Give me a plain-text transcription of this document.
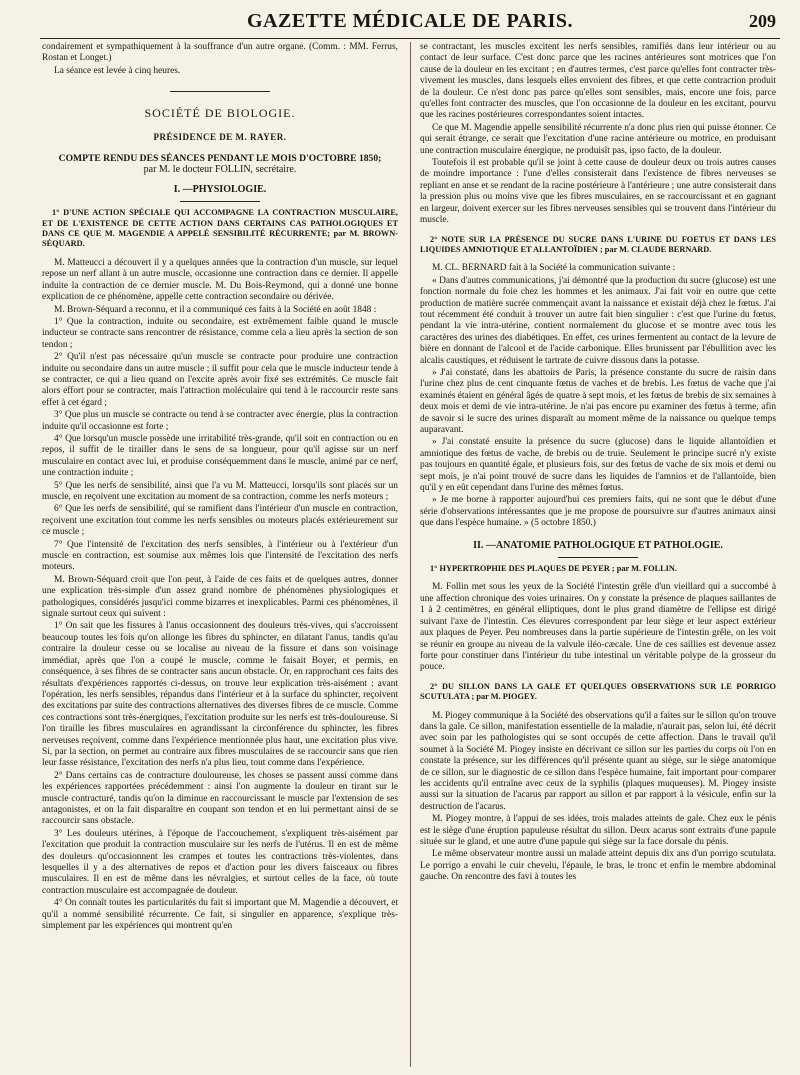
GAZETTE MÉDICALE DE PARIS.	209

condairement et sympathiquement à la souffrance d'un autre organe. (Comm. : MM. Ferrus, Rostan et Longet.)

La séance est levée à cinq heures.

SOCIÉTÉ DE BIOLOGIE.

PRÉSIDENCE DE M. RAYER.

COMPTE RENDU DES SÉANCES PENDANT LE MOIS D'OCTOBRE 1850;

par M. le docteur FOLLIN, secrétaire.

I. —PHYSIOLOGIE.

1° D'UNE ACTION SPÉCIALE QUI ACCOMPAGNE LA CONTRACTION MUSCULAIRE, ET DE L'EXISTENCE DE CETTE ACTION DANS CERTAINS CAS PATHOLOGIQUES ET DANS CE QUE M. MAGENDIE A APPELÉ SENSIBILITÉ RÉCURRENTE; par M. BROWN-SÉQUARD.

M. Matteucci a découvert il y a quelques années que la contraction d'un muscle, sur lequel repose un nerf allant à un autre muscle, occasionne une contraction dans ce dernier. Il appelle induite la contraction de ce dernier muscle. M. Du Bois-Reymond, qui a donné une bonne explication de ce phénomène, appelle cette contraction secondaire ou dérivée.

M. Brown-Séquard a reconnu, et il a communiqué ces faits à la Société en août 1848 :

1° Que la contraction, induite ou secondaire, est extrêmement faible quand le muscle inducteur se contracte sans rencontrer de résistance, comme cela a lieu après la section de son tendon ;

2° Qu'il n'est pas nécessaire qu'un muscle se contracte pour produire une contraction induite ou secondaire dans un autre muscle ; il suffit pour cela que le muscle inducteur tende à se contracter, ce qui a lieu quand on l'excite après avoir fixé ses extrémités. Ce muscle fait alors effort pour se contracter, mais l'attraction moléculaire qui tend à le raccourcir reste sans effet à cet égard ;

3° Que plus un muscle se contracte ou tend à se contracter avec énergie, plus la contraction induite qu'il occasionne est forte ;

4° Que lorsqu'un muscle possède une irritabilité très-grande, qu'il soit en contraction ou en repos, il suffit de le tirailler dans le sens de sa longueur, pour qu'il agisse sur un nerf musculaire en contact avec lui, et produise conséquemment dans le muscle, animé par ce nerf, une contraction induite ;

5° Que les nerfs de sensibilité, ainsi que l'a vu M. Matteucci, lorsqu'ils sont placés sur un muscle, en reçoivent une excitation au moment de sa contraction, comme les nerfs moteurs ;

6° Que les nerfs de sensibilité, qui se ramifient dans l'intérieur d'un muscle en contraction, reçoivent une excitation tout comme les nerfs sensibles ou moteurs placés extérieurement sur ce muscle ;

7° Que l'intensité de l'excitation des nerfs sensibles, à l'intérieur ou à l'extérieur d'un muscle en contraction, est soumise aux mêmes lois que l'intensité de l'excitation des nerfs moteurs.

M. Brown-Séquard croit que l'on peut, à l'aide de ces faits et de quelques autres, donner une explication très-simple d'un assez grand nombre de phénomènes physiologiques et pathologiques, considérés jusqu'ici comme bizarres et inexplicables. Parmi ces phénomènes, il signale surtout ceux qui suivent :

1° On sait que les fissures à l'anus occasionnent des douleurs très-vives, qui s'accroissent beaucoup toutes les fois qu'on allonge les fibres du sphincter, en dilatant l'anus, tandis qu'au contraire la douleur cesse ou se localise au niveau de la fissure et dans son voisinage immédiat, après que l'on a coupé le muscle, comme le faisait Boyer, et permis, en conséquence, à ses fibres de se contracter sans aucun obstacle. Or, en rapprochant ces faits des résultats d'expériences rapportés ci-dessus, on trouve leur explication très-aisément : avant l'opération, les nerfs sensibles, répandus dans l'intérieur et à la surface du sphincter, reçoivent des excitations par suite des contractions alternatives des diverses fibres de ce muscle. Comme ces contractions sont très-énergiques, l'excitation produite sur les nerfs est très-douloureuse. Si l'on tiraille les fibres musculaires en agrandissant la circonférence du sphincter, les fibres nerveuses reçoivent, comme dans l'expérience mentionnée plus haut, une excitation plus vive. Si, par la section, on permet au contraire aux fibres musculaires de se raccourcir sans que rien leur fasse résistance, l'excitation des nerfs n'a plus lieu, tout comme dans l'expérience.

2° Dans certains cas de contracture douloureuse, les choses se passent aussi comme dans les expériences rapportées précédemment : ainsi l'on augmente la douleur en tirant sur le muscle contracturé, tandis qu'on la diminue en raccourcissant le muscle par l'extension de ses antagonistes, et on la fait disparaître en coupant son tendon et en lui permettant ainsi de se raccourcir sans obstacle.

3° Les douleurs utérines, à l'époque de l'accouchement, s'expliquent très-aisément par l'excitation que produit la contraction musculaire sur les nerfs de l'utérus. Il en est de même des douleurs qu'occasionnent les crampes et toutes les contractions très-violentes, dans lesquelles il y a des alternatives de repos et d'action pour les divers faisceaux ou fibres musculaires. Il en est de même dans les névralgies, et surtout celles de la face, où toute contraction musculaire est accompagnée de douleur.

4° On connaît toutes les particularités du fait si important que M. Magendie a découvert, et qu'il a nommé sensibilité récurrente. Ce fait, si singulier en apparence, s'explique très-simplement par les expériences qui montrent qu'en

se contractant, les muscles excitent les nerfs sensibles, ramifiés dans leur intérieur ou au contact de leur surface. C'est donc parce que les racines antérieures sont motrices que l'on cause de la douleur en les excitant ; en d'autres termes, c'est parce qu'elles font contracter très-vivement les muscles, dans lesquels elles envoient des fibres, et que cette contraction produit de la douleur. Ce n'est donc pas parce qu'elles sont sensibles, mais, encore une fois, parce qu'elles font contracter des muscles, que l'on occasionne de la douleur en les excitant, pourvu que les racines postérieures correspondantes soient intactes.

Ce que M. Magendie appelle sensibilité récurrente n'a donc plus rien qui puisse étonner. Ce qui serait étrange, ce serait que l'excitation d'une racine antérieure ou motrice, en produisant une contraction musculaire énergique, ne produisît pas, ipso facto, de la douleur.

Toutefois il est probable qu'il se joint à cette cause de douleur deux ou trois autres causes de moindre importance : l'une d'elles consisterait dans l'existence de fibres nerveuses se repliant en anse et se rendant de la racine postérieure à l'antérieure ; une autre consisterait dans la pression plus ou moins vive que les fibres musculaires, en se raccourcissant et en gagnant en largeur, doivent exercer sur les fibres nerveuses sensibles qui se trouvent dans l'intérieur du muscle.

2° NOTE SUR LA PRÉSENCE DU SUCRE DANS L'URINE DU FOETUS ET DANS LES LIQUIDES AMNIOTIQUE ET ALLANTOÏDIEN ; par M. CLAUDE BERNARD.

M. CL. BERNARD fait à la Société la communication suivante :

« Dans d'autres communications, j'ai démontré que la production du sucre (glucose) est une fonction normale du foie chez les hommes et les animaux. J'ai fait voir en outre que cette production de matière sucrée commençait avant la naissance et existait déjà chez le fœtus. J'ai tout récemment été conduit à trouver un autre fait bien singulier : c'est que l'urine du fœtus, pendant la vie intra-utérine, contient normalement du glucose et se montre avec tous les caractères des urines des diabétiques. En effet, ces urines fermentent au contact de la levure de bière en donnant de l'alcool et de l'acide carbonique. Elles brunissent par l'ébullition avec les alcalis caustiques, et réduisent le tartrate de cuivre dissous dans la potasse.

» J'ai constaté, dans les abattoirs de Paris, la présence constante du sucre de raisin dans l'urine chez plus de cent cinquante fœtus de vaches et de brebis. Les fœtus de vache que j'ai examinés étaient en général âgés de quatre à sept mois, et les fœtus de brebis de six semaines à deux mois et demi de vie intra-utérine. Je n'ai pas encore pu examiner des fœtus à terme, afin de savoir si le sucre des urines disparaît au moment même de la naissance ou quelque temps auparavant.

» J'ai constaté ensuite la présence du sucre (glucose) dans le liquide allantoïdien et amniotique des fœtus de vache, de brebis ou de truie. Seulement le principe sucré n'y existe pas toujours en quantité égale, et plusieurs fois, sur des fœtus de vache de six mois et demi ou sept mois, je n'ai point trouvé de sucre dans les liquides de l'amnios et de l'allantoïde, bien qu'il y en eût cependant dans l'urine des mêmes fœtus.

» Je me borne à rapporter aujourd'hui ces premiers faits, qui ne sont que le début d'une série d'observations intéressantes que je me propose de poursuivre sur d'autres animaux ainsi que dans l'espèce humaine. » (5 octobre 1850.)

II. —ANATOMIE PATHOLOGIQUE ET PATHOLOGIE.

1° HYPERTROPHIE DES PLAQUES DE PEYER ; par M. FOLLIN.

M. Follin met sous les yeux de la Société l'intestin grêle d'un vieillard qui a succombé à une affection chronique des voies urinaires. On y constate la présence de plaques saillantes de 1 à 2 centimètres, en général elliptiques, dont le plus grand diamètre de l'ellipse est dirigé suivant l'axe de l'intestin. Ces élevures correspondent par leur siège et leur aspect extérieur aux plaques de Peyer. Peu nombreuses dans la partie supérieure de l'intestin grêle, on les voit se réunir en groupe au niveau de la valvule iléo-cæcale. Une de ces saillies est devenue assez forte pour constituer dans l'intérieur du tube intestinal un véritable polype de la grosseur du pouce.

2° DU SILLON DANS LA GALE ET QUELQUES OBSERVATIONS SUR LE PORRIGO SCUTULATA ; par M. PIOGEY.

M. Piogey communique à la Société des observations qu'il a faites sur le sillon qu'on trouve dans la gale. Ce sillon, manifestation essentielle de la maladie, n'aurait pas, selon lui, été décrit avec soin par les pathologistes qui se sont occupés de cette affection. Dans le travail qu'il soumet à la Société M. Piogey insiste en décrivant ce sillon sur les parties du corps où l'on en constate la présence, sur les différences qu'il présente quant au siège, sur le siège anatomique de ce sillon, sur le diagnostic de ce sillon dans l'espèce humaine, fait important pour comparer les accidents qu'il entraîne avec ceux de la syphilis (plaques muqueuses). M. Piogey insiste aussi sur la situation de l'acarus par rapport au sillon et par rapport à la vésicule, enfin sur la destruction de l'acarus.

M. Piogey montre, à l'appui de ses idées, trois malades atteints de gale. Chez eux le pénis est le siège d'une éruption papuleuse résultat du sillon. Deux acarus sont extraits d'une papule située sur le gland, et une autre d'une papule qui siège sur la face dorsale du pénis.

Le même observateur montre aussi un malade atteint depuis dix ans d'un porrigo scutulata. Le porrigo a envahi le cuir chevelu, l'épaule, le bras, le tronc et enfin le membre abdominal gauche. On rencontre des favi à toutes les
